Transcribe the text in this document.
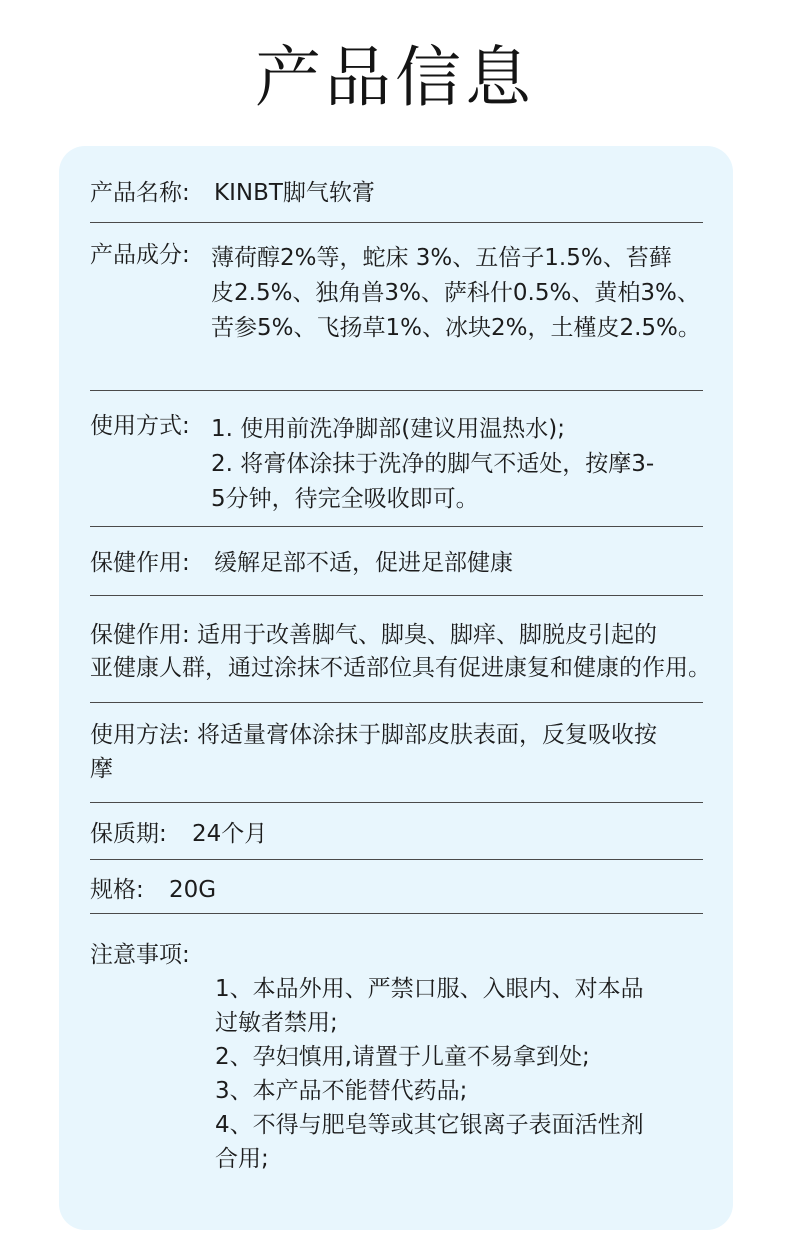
产品信息
产品名称: KINBT脚气软膏
产品成分: 薄荷醇2%等，蛇床 3%、五倍子1.5%、苔藓
皮2.5%、独角兽3%、萨科什0.5%、黄柏3%、
苦参5%、飞扬草1%、冰块2%，土槿皮2.5%。
使用方式: 1. 使用前洗净脚部(建议用温热水);
2. 将膏体涂抹于洗净的脚气不适处，按摩3-
5分钟，待完全吸收即可。
保健作用: 缓解足部不适，促进足部健康
保健作用: 适用于改善脚气、脚臭、脚痒、脚脱皮引起的
亚健康人群，通过涂抹不适部位具有促进康复和健康的作用。
使用方法: 将适量膏体涂抹于脚部皮肤表面，反复吸收按
摩
保质期: 24个月
规格: 20G
注意事项:
1、本品外用、严禁口服、入眼内、对本品
过敏者禁用;
2、孕妇慎用,请置于儿童不易拿到处;
3、本产品不能替代药品;
4、不得与肥皂等或其它银离子表面活性剂
合用;
